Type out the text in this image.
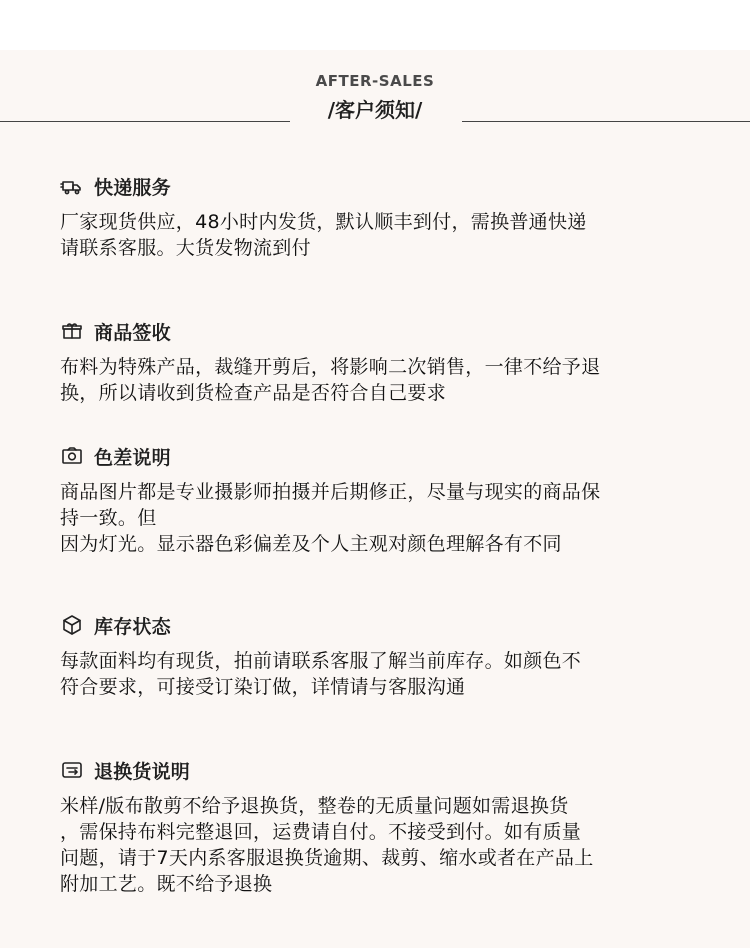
AFTER-SALES
/客户须知/
快递服务

厂家现货供应，48小时内发货，默认顺丰到付，需换普通快递

请联系客服。大货发物流到付

商品签收

布料为特殊产品，裁缝开剪后，将影响二次销售，一律不给予退

换，所以请收到货检查产品是否符合自己要求

色差说明

商品图片都是专业摄影师拍摄并后期修正，尽量与现实的商品保

持一致。但

因为灯光。显示器色彩偏差及个人主观对颜色理解各有不同

库存状态

每款面料均有现货，拍前请联系客服了解当前库存。如颜色不

符合要求，可接受订染订做，详情请与客服沟通

退换货说明

米样/版布散剪不给予退换货，整卷的无质量问题如需退换货

，需保持布料完整退回，运费请自付。不接受到付。如有质量

问题，请于7天内系客服退换货逾期、裁剪、缩水或者在产品上

附加工艺。既不给予退换
